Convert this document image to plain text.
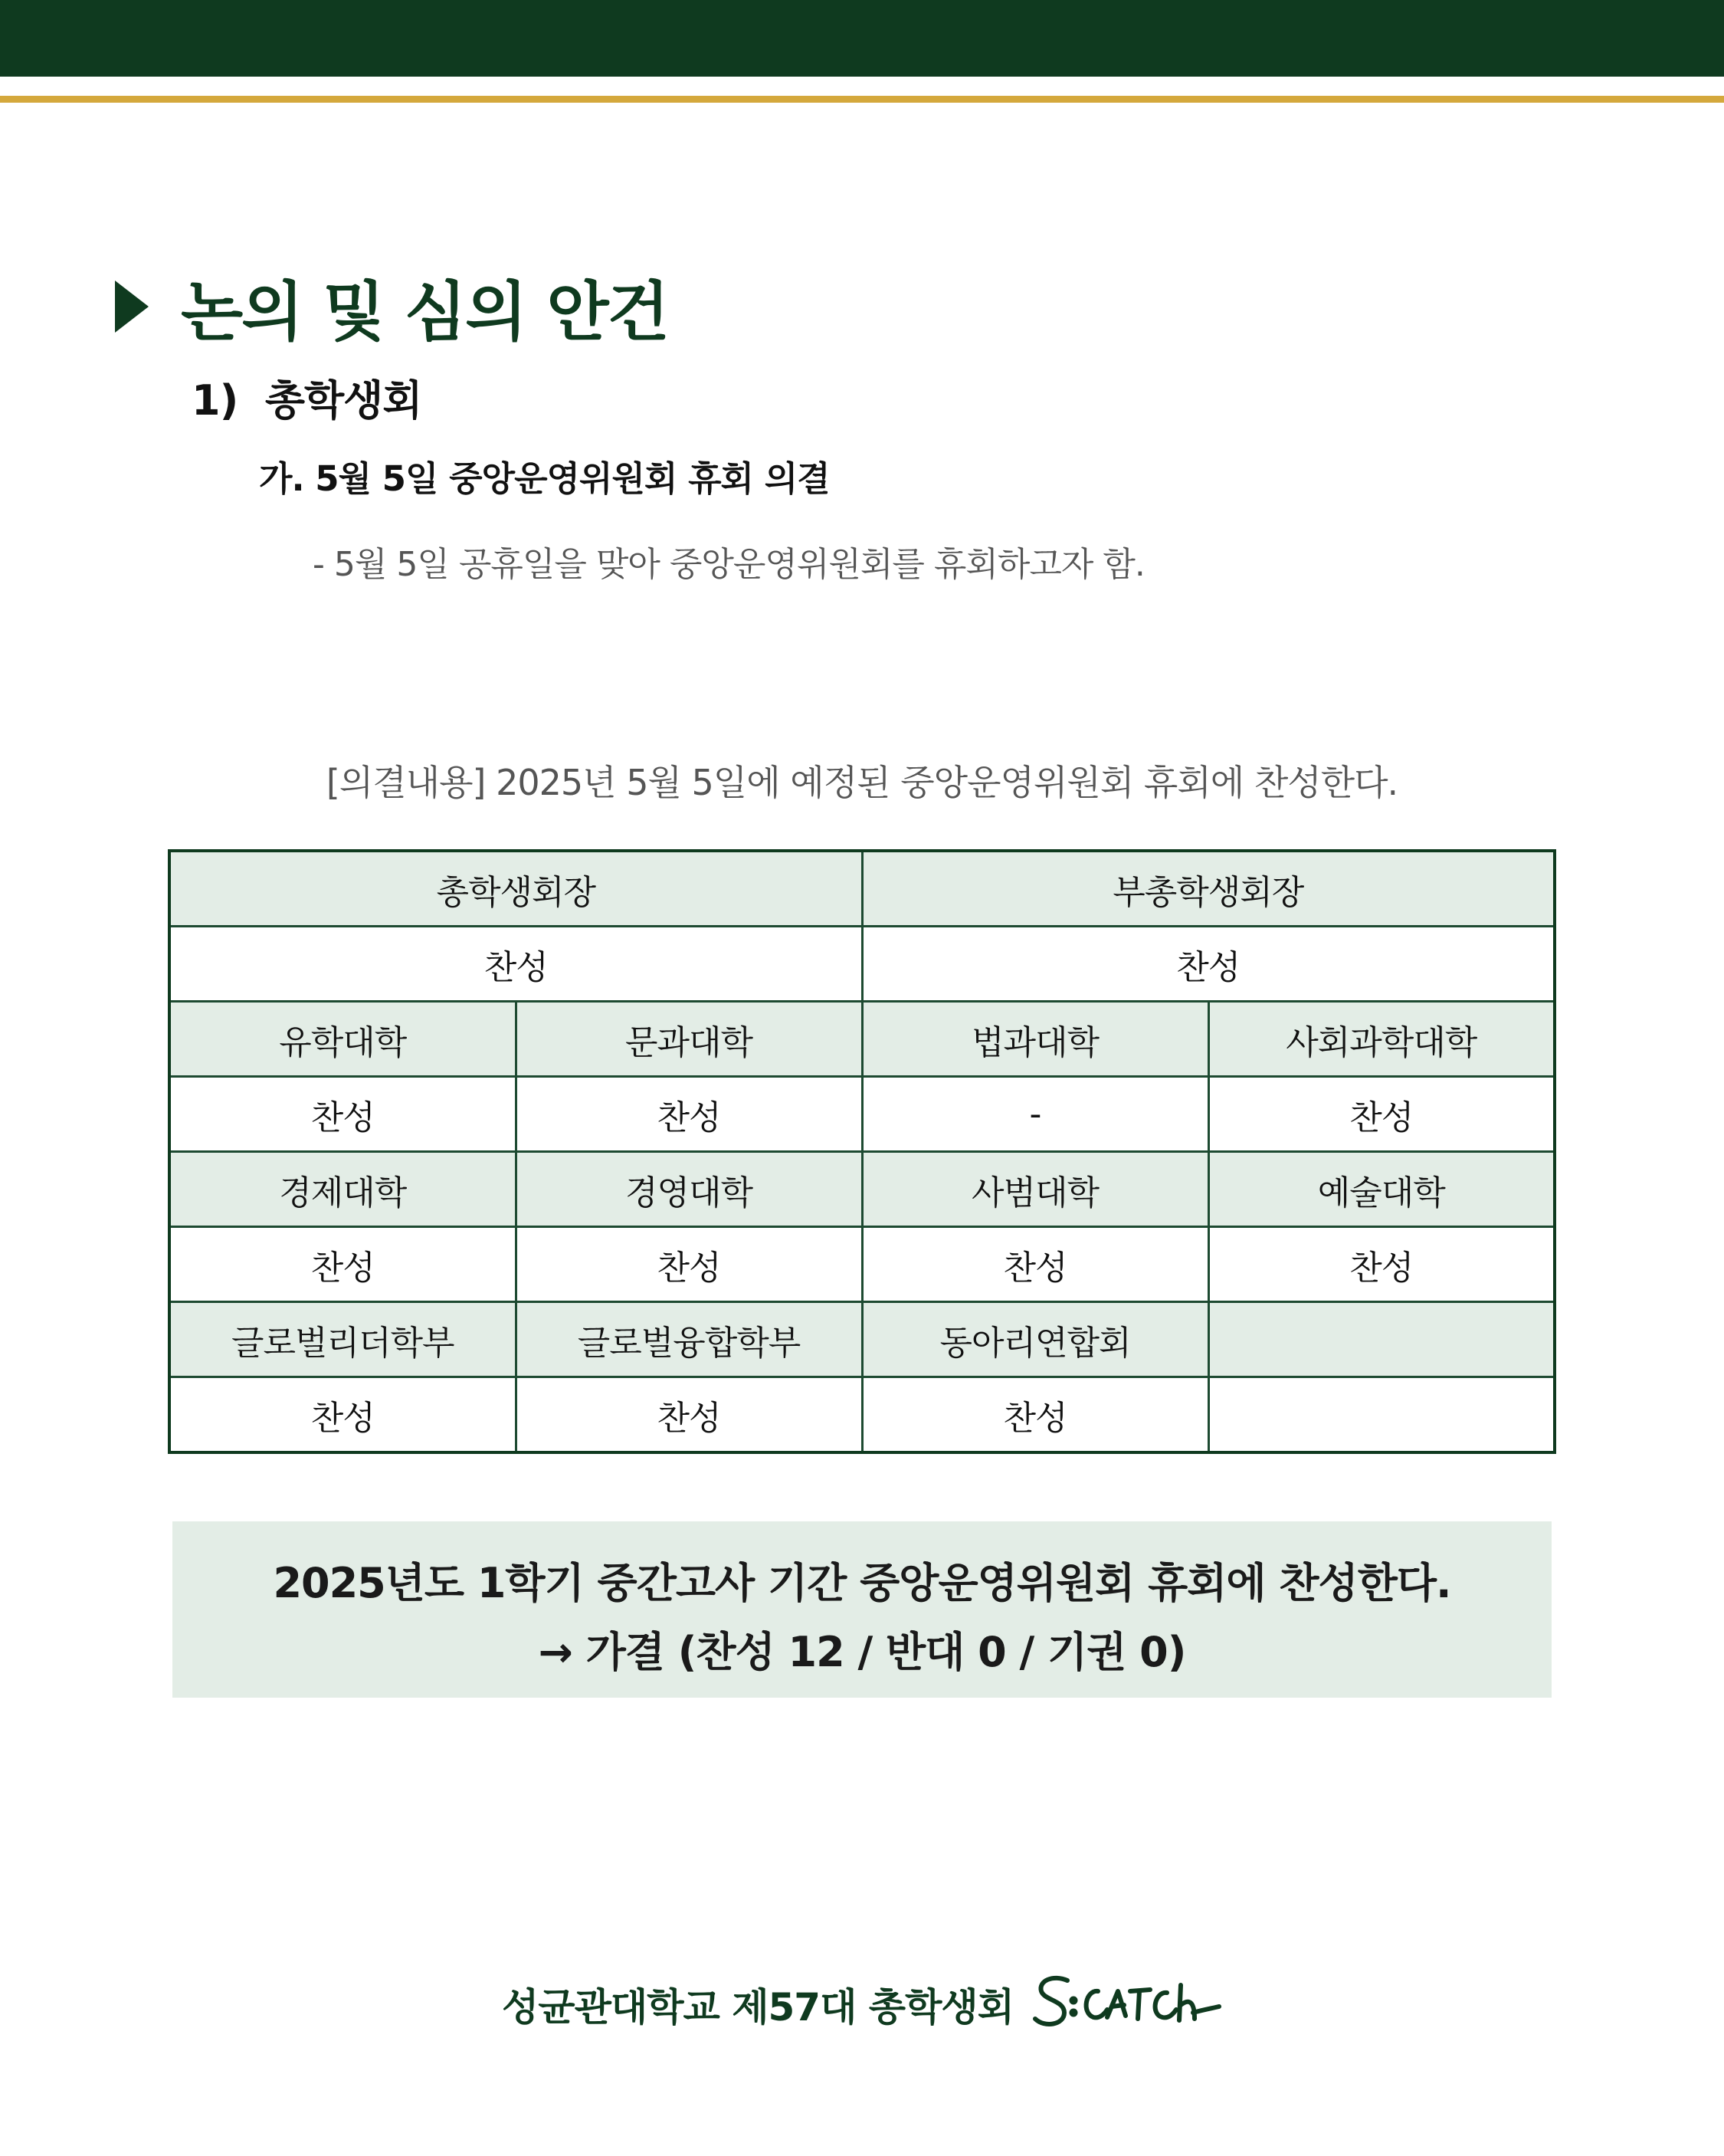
논의 및 심의 안건
1)  총학생회
가. 5월 5일 중앙운영위원회 휴회 의결
- 5월 5일 공휴일을 맞아 중앙운영위원회를 휴회하고자 함.
[의결내용] 2025년 5월 5일에 예정된 중앙운영위원회 휴회에 찬성한다.
총학생회장		부총학생회장	
찬성		찬성	
유학대학	문과대학	법과대학	사회과학대학
찬성	찬성	-	찬성
경제대학	경영대학	사범대학	예술대학
찬성	찬성	찬성	찬성
글로벌리더학부	글로벌융합학부	동아리연합회	
찬성	찬성	찬성	
2025년도 1학기 중간고사 기간 중앙운영위원회 휴회에 찬성한다.
→ 가결 (찬성 12 / 반대 0 / 기권 0)
성균관대학교 제57대 총학생회
